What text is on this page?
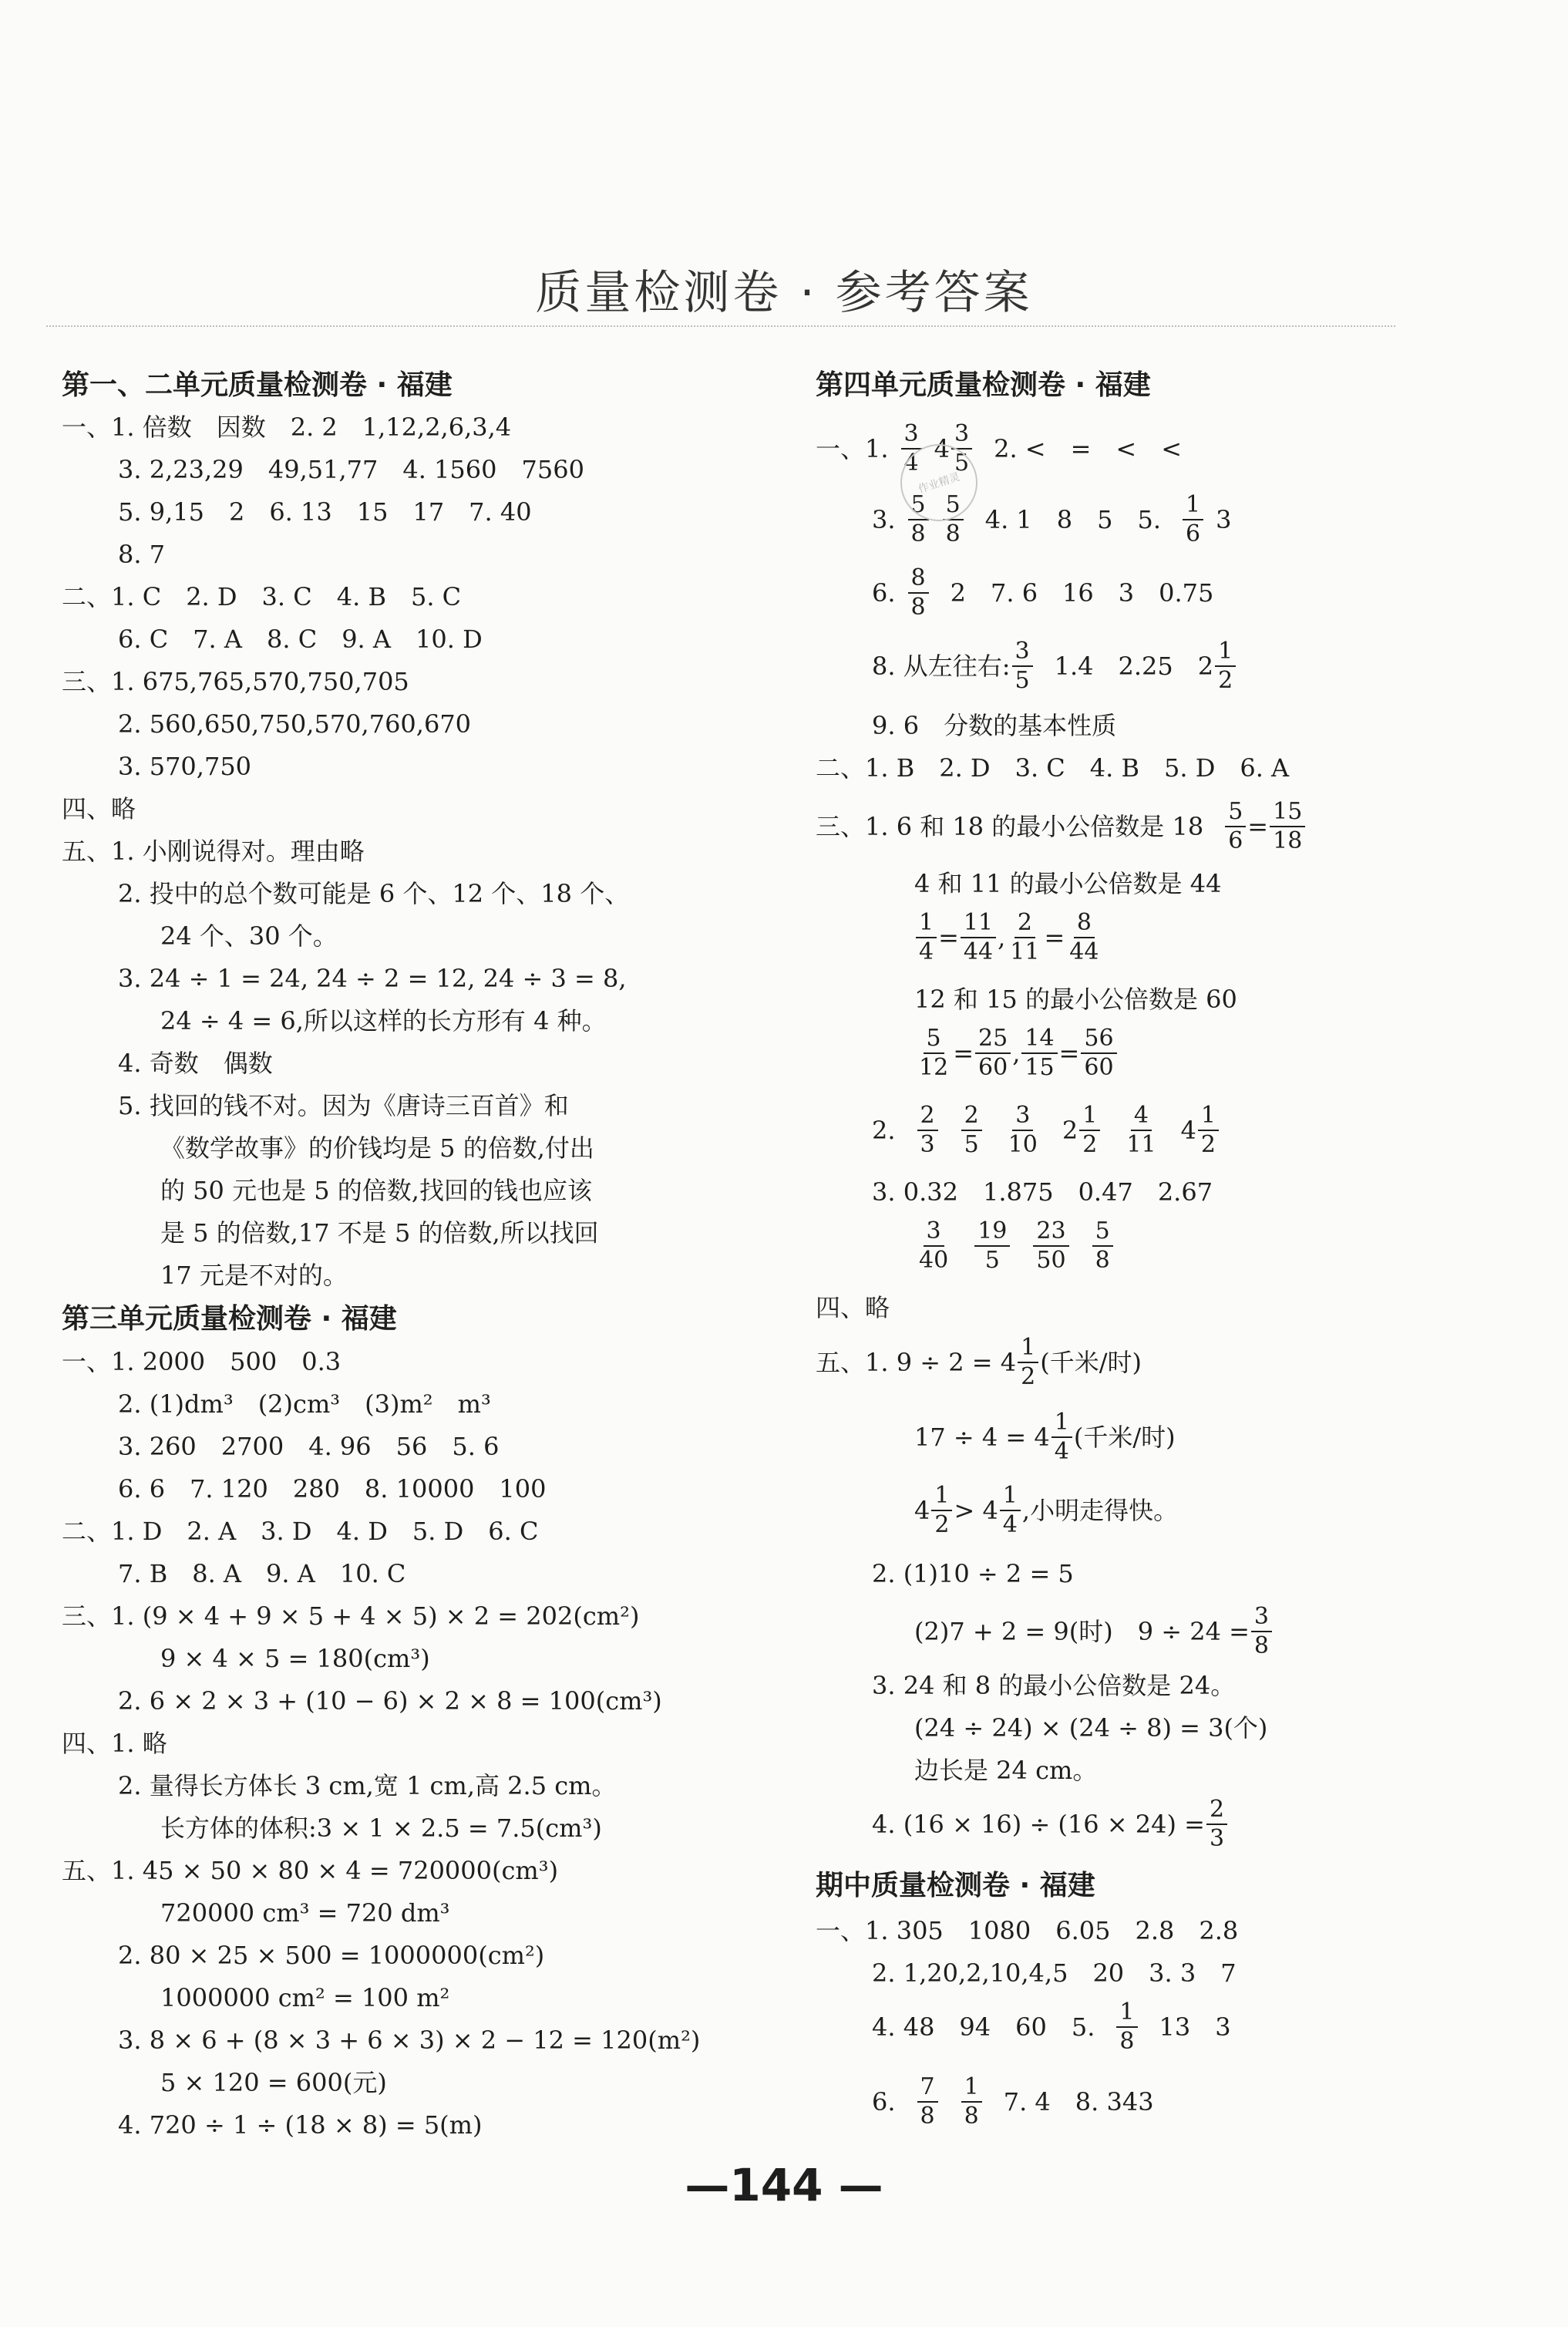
质量检测卷 · 参考答案
第一、二单元质量检测卷 · 福建
一、1. 倍数　因数　2. 2　1,12,2,6,3,4
3. 2,23,29　49,51,77　4. 1560　7560
5. 9,15　2　6. 13　15　17　7. 40
8. 7
二、1. C　2. D　3. C　4. B　5. C
6. C　7. A　8. C　9. A　10. D
三、1. 675,765,570,750,705
2. 560,650,750,570,760,670
3. 570,750
四、略
五、1. 小刚说得对。理由略
2. 投中的总个数可能是 6 个、12 个、18 个、
24 个、30 个。
3. 24 ÷ 1 = 24, 24 ÷ 2 = 12, 24 ÷ 3 = 8,
24 ÷ 4 = 6,所以这样的长方形有 4 种。
4. 奇数　偶数
5. 找回的钱不对。因为《唐诗三百首》和
《数学故事》的价钱均是 5 的倍数,付出
的 50 元也是 5 的倍数,找回的钱也应该
是 5 的倍数,17 不是 5 的倍数,所以找回
17 元是不对的。
第三单元质量检测卷 · 福建
一、1. 2000　500　0.3
2. (1)dm³　(2)cm³　(3)m²　m³
3. 260　2700　4. 96　56　5. 6
6. 6　7. 120　280　8. 10000　100
二、1. D　2. A　3. D　4. D　5. D　6. C
7. B　8. A　9. A　10. C
三、1. (9 × 4 + 9 × 5 + 4 × 5) × 2 = 202(cm²)
9 × 4 × 5 = 180(cm³)
2. 6 × 2 × 3 + (10 − 6) × 2 × 8 = 100(cm³)
四、1. 略
2. 量得长方体长 3 cm,宽 1 cm,高 2.5 cm。
长方体的体积:3 × 1 × 2.5 = 7.5(cm³)
五、1. 45 × 50 × 80 × 4 = 720000(cm³)
720000 cm³ = 720 dm³
2. 80 × 25 × 500 = 1000000(cm²)
1000000 cm² = 100 m²
3. 8 × 6 + (8 × 3 + 6 × 3) × 2 − 12 = 120(m²)
5 × 120 = 600(元)
4. 720 ÷ 1 ÷ (18 × 8) = 5(m)
第四单元质量检测卷 · 福建
一、1.
3
4 4
3
5 2. <　=　<　<
3.
5
8
5
8 4. 1　8　5　5.
1
6 3
6.
8
8 2　7. 6　16　3　0.75
8. 从左往右:
3
5 1.4　2.25　2
1
2
9. 6　分数的基本性质
二、1. B　2. D　3. C　4. B　5. D　6. A
三、1. 6 和 18 的最小公倍数是 $18 \frac{5}{6} = \frac{15}{18}$
4 和 11 的最小公倍数是 44
$\frac{1}{4} = \frac{11}{44}$ , $\frac{2}{11} = \frac{8}{44}$
12 和 15 的最小公倍数是 60
$\frac{5}{12} = \frac{25}{60}$ , $\frac{14}{15} = \frac{56}{60}$
2.
2
3
2
5
3
10 2
1
2
4
11 4
1
2
3. 0.32　1.875　0.47　2.67
3
40
19
5
23
50
5
8
四、略
五、1. 9 ÷ 2 = 4
1
2 (千米/时)
17 ÷ 4 = 4
1
4 (千米/时)
4
1
2 > 4
1
4 ,小明走得快。
2. (1)10 ÷ 2 = 5
(2)7 + 2 = 9(时)　$9 \div 24 = \frac{3}{8}$
3. 24 和 8 的最小公倍数是 24。
(24 ÷ 24) × (24 ÷ 8) = 3(个)
边长是 24 cm。
4. $(16 \times 16) \div (16 \times 24) = \frac{2}{3}$
期中质量检测卷 · 福建
一、1. 305　1080　6.05　2.8　2.8
2. 1,20,2,10,4,5　20　3. 3　7
4. 48　94　60　5.
1
8 13　3
6.
7
8
1
8 7. 4　8. 343
作业精灵
—144 —
